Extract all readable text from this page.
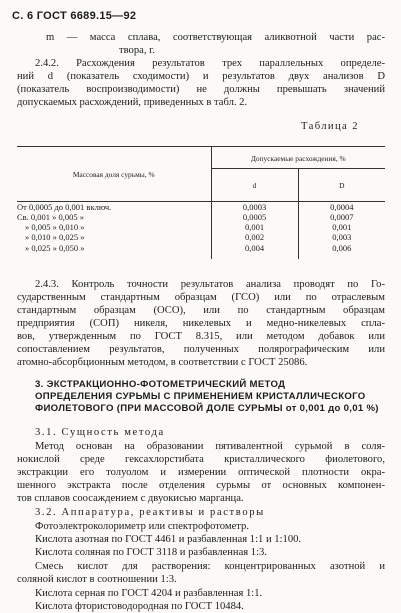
С. 6 ГОСТ 6689.15—92
m — масса сплава, соответствующая аликвотной части рас-
твора, г.
2.4.2. Расхождения результатов трех параллельных определе-
ний d (показатель сходимости) и результатов двух анализов D
(показатель воспроизводимости) не должны превышать значений
допускаемых расхождений, приведенных в табл. 2.
Таблица 2
Массовая доля сурьмы, %	Допускаемые расхождения, %	
	d	D
От 0,0005 до 0,001 включ.	0,0003	0,0004
Св. 0,001 » 0,005 »	0,0005	0,0007
» 0,005 » 0,010 »	0,001	0,001
» 0,010 » 0,025 »	0,002	0,003
» 0,025 » 0,050 »	0,004	0,006

2.4.3. Контроль точности результатов анализа проводят по Го-
сударственным стандартным образцам (ГСО) или по отраслевым
стандартным образцам (ОСО), или по стандартным образцам
предприятия (СОП) никеля, никелевых и медно-никелевых спла-
вов, утвержденным по ГОСТ 8.315, или методом добавок или
сопоставлением результатов, полученных полярографическим или
атомно-абсорбционным методом, в соответствии с ГОСТ 25086.
3. ЭКСТРАКЦИОННО-ФОТОМЕТРИЧЕСКИЙ МЕТОД
ОПРЕДЕЛЕНИЯ СУРЬМЫ С ПРИМЕНЕНИЕМ КРИСТАЛЛИЧЕСКОГО
ФИОЛЕТОВОГО (ПРИ МАССОВОЙ ДОЛЕ СУРЬМЫ от 0,001 до 0,01 %)
3.1. Сущность метода
Метод основан на образовании пятивалентной сурьмой в соля-
нокислой среде гексахлорстибата кристаллического фиолетового,
экстракции его толуолом и измерении оптической плотности окра-
шенного экстракта после отделения сурьмы от основных компонен-
тов сплавов соосаждением с двуокисью марганца.
3.2. Аппаратура, реактивы и растворы
Фотоэлектроколориметр или спектрофотометр.
Кислота азотная по ГОСТ 4461 и разбавленная 1:1 и 1:100.
Кислота соляная по ГОСТ 3118 и разбавленная 1:3.
Смесь кислот для растворения: концентрированных азотной и
соляной кислот в соотношении 1:3.
Кислота серная по ГОСТ 4204 и разбавленная 1:1.
Кислота фтористоводородная по ГОСТ 10484.
